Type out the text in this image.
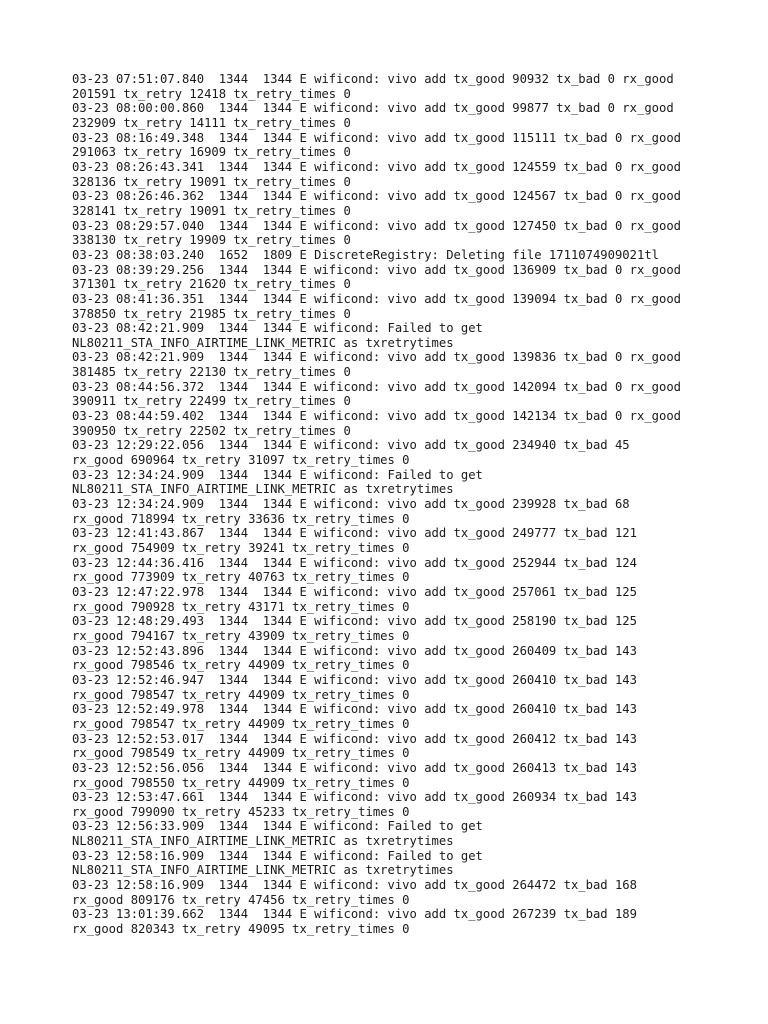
03-23 07:51:07.840  1344  1344 E wificond: vivo add tx_good 90932 tx_bad 0 rx_good
201591 tx_retry 12418 tx_retry_times 0
03-23 08:00:00.860  1344  1344 E wificond: vivo add tx_good 99877 tx_bad 0 rx_good
232909 tx_retry 14111 tx_retry_times 0
03-23 08:16:49.348  1344  1344 E wificond: vivo add tx_good 115111 tx_bad 0 rx_good
291063 tx_retry 16909 tx_retry_times 0
03-23 08:26:43.341  1344  1344 E wificond: vivo add tx_good 124559 tx_bad 0 rx_good
328136 tx_retry 19091 tx_retry_times 0
03-23 08:26:46.362  1344  1344 E wificond: vivo add tx_good 124567 tx_bad 0 rx_good
328141 tx_retry 19091 tx_retry_times 0
03-23 08:29:57.040  1344  1344 E wificond: vivo add tx_good 127450 tx_bad 0 rx_good
338130 tx_retry 19909 tx_retry_times 0
03-23 08:38:03.240  1652  1809 E DiscreteRegistry: Deleting file 1711074909021tl
03-23 08:39:29.256  1344  1344 E wificond: vivo add tx_good 136909 tx_bad 0 rx_good
371301 tx_retry 21620 tx_retry_times 0
03-23 08:41:36.351  1344  1344 E wificond: vivo add tx_good 139094 tx_bad 0 rx_good
378850 tx_retry 21985 tx_retry_times 0
03-23 08:42:21.909  1344  1344 E wificond: Failed to get
NL80211_STA_INFO_AIRTIME_LINK_METRIC as txretrytimes
03-23 08:42:21.909  1344  1344 E wificond: vivo add tx_good 139836 tx_bad 0 rx_good
381485 tx_retry 22130 tx_retry_times 0
03-23 08:44:56.372  1344  1344 E wificond: vivo add tx_good 142094 tx_bad 0 rx_good
390911 tx_retry 22499 tx_retry_times 0
03-23 08:44:59.402  1344  1344 E wificond: vivo add tx_good 142134 tx_bad 0 rx_good
390950 tx_retry 22502 tx_retry_times 0
03-23 12:29:22.056  1344  1344 E wificond: vivo add tx_good 234940 tx_bad 45
rx_good 690964 tx_retry 31097 tx_retry_times 0
03-23 12:34:24.909  1344  1344 E wificond: Failed to get
NL80211_STA_INFO_AIRTIME_LINK_METRIC as txretrytimes
03-23 12:34:24.909  1344  1344 E wificond: vivo add tx_good 239928 tx_bad 68
rx_good 718994 tx_retry 33636 tx_retry_times 0
03-23 12:41:43.867  1344  1344 E wificond: vivo add tx_good 249777 tx_bad 121
rx_good 754909 tx_retry 39241 tx_retry_times 0
03-23 12:44:36.416  1344  1344 E wificond: vivo add tx_good 252944 tx_bad 124
rx_good 773909 tx_retry 40763 tx_retry_times 0
03-23 12:47:22.978  1344  1344 E wificond: vivo add tx_good 257061 tx_bad 125
rx_good 790928 tx_retry 43171 tx_retry_times 0
03-23 12:48:29.493  1344  1344 E wificond: vivo add tx_good 258190 tx_bad 125
rx_good 794167 tx_retry 43909 tx_retry_times 0
03-23 12:52:43.896  1344  1344 E wificond: vivo add tx_good 260409 tx_bad 143
rx_good 798546 tx_retry 44909 tx_retry_times 0
03-23 12:52:46.947  1344  1344 E wificond: vivo add tx_good 260410 tx_bad 143
rx_good 798547 tx_retry 44909 tx_retry_times 0
03-23 12:52:49.978  1344  1344 E wificond: vivo add tx_good 260410 tx_bad 143
rx_good 798547 tx_retry 44909 tx_retry_times 0
03-23 12:52:53.017  1344  1344 E wificond: vivo add tx_good 260412 tx_bad 143
rx_good 798549 tx_retry 44909 tx_retry_times 0
03-23 12:52:56.056  1344  1344 E wificond: vivo add tx_good 260413 tx_bad 143
rx_good 798550 tx_retry 44909 tx_retry_times 0
03-23 12:53:47.661  1344  1344 E wificond: vivo add tx_good 260934 tx_bad 143
rx_good 799090 tx_retry 45233 tx_retry_times 0
03-23 12:56:33.909  1344  1344 E wificond: Failed to get
NL80211_STA_INFO_AIRTIME_LINK_METRIC as txretrytimes
03-23 12:58:16.909  1344  1344 E wificond: Failed to get
NL80211_STA_INFO_AIRTIME_LINK_METRIC as txretrytimes
03-23 12:58:16.909  1344  1344 E wificond: vivo add tx_good 264472 tx_bad 168
rx_good 809176 tx_retry 47456 tx_retry_times 0
03-23 13:01:39.662  1344  1344 E wificond: vivo add tx_good 267239 tx_bad 189
rx_good 820343 tx_retry 49095 tx_retry_times 0
